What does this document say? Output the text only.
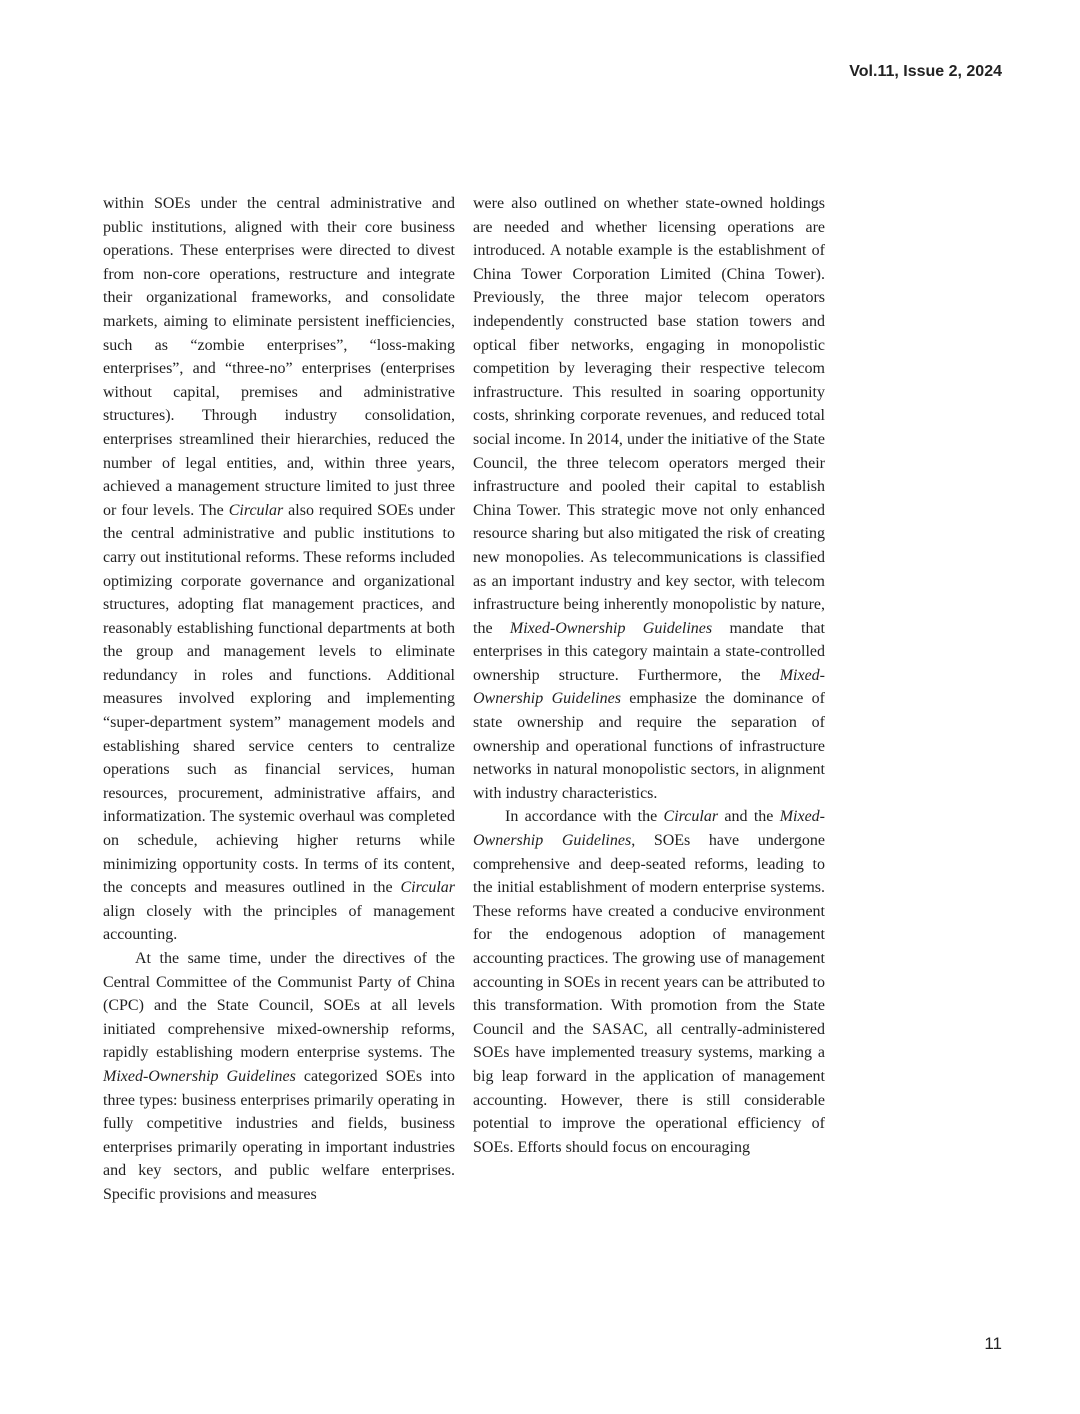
Vol.11, Issue 2, 2024

within SOEs under the central administrative and public institutions, aligned with their core business operations. These enterprises were directed to divest from non-core operations, restructure and integrate their organizational frameworks, and consolidate markets, aiming to eliminate persistent inefficiencies, such as “zombie enterprises”, “loss-making enterprises”, and “three-no” enterprises (enterprises without capital, premises and administrative structures). Through industry consolidation, enterprises streamlined their hierarchies, reduced the number of legal entities, and, within three years, achieved a management structure limited to just three or four levels. The Circular also required SOEs under the central administrative and public institutions to carry out institutional reforms. These reforms included optimizing corporate governance and organizational structures, adopting flat management practices, and reasonably establishing functional departments at both the group and management levels to eliminate redundancy in roles and functions. Additional measures involved exploring and implementing “super-department system” management models and establishing shared service centers to centralize operations such as financial services, human resources, procurement, administrative affairs, and informatization. The systemic overhaul was completed on schedule, achieving higher returns while minimizing opportunity costs. In terms of its content, the concepts and measures outlined in the Circular align closely with the principles of management accounting.

At the same time, under the directives of the Central Committee of the Communist Party of China (CPC) and the State Council, SOEs at all levels initiated comprehensive mixed-ownership reforms, rapidly establishing modern enterprise systems. The Mixed-Ownership Guidelines categorized SOEs into three types: business enterprises primarily operating in fully competitive industries and fields, business enterprises primarily operating in important industries and key sectors, and public welfare enterprises. Specific provisions and measures

were also outlined on whether state-owned holdings are needed and whether licensing operations are introduced. A notable example is the establishment of China Tower Corporation Limited (China Tower). Previously, the three major telecom operators independently constructed base station towers and optical fiber networks, engaging in monopolistic competition by leveraging their respective telecom infrastructure. This resulted in soaring opportunity costs, shrinking corporate revenues, and reduced total social income. In 2014, under the initiative of the State Council, the three telecom operators merged their infrastructure and pooled their capital to establish China Tower. This strategic move not only enhanced resource sharing but also mitigated the risk of creating new monopolies. As telecommunications is classified as an important industry and key sector, with telecom infrastructure being inherently monopolistic by nature, the Mixed-Ownership Guidelines mandate that enterprises in this category maintain a state-controlled ownership structure. Furthermore, the Mixed-Ownership Guidelines emphasize the dominance of state ownership and require the separation of ownership and operational functions of infrastructure networks in natural monopolistic sectors, in alignment with industry characteristics.

In accordance with the Circular and the Mixed-Ownership Guidelines, SOEs have undergone comprehensive and deep-seated reforms, leading to the initial establishment of modern enterprise systems. These reforms have created a conducive environment for the endogenous adoption of management accounting practices. The growing use of management accounting in SOEs in recent years can be attributed to this transformation. With promotion from the State Council and the SASAC, all centrally-administered SOEs have implemented treasury systems, marking a big leap forward in the application of management accounting. However, there is still considerable potential to improve the operational efficiency of SOEs. Efforts should focus on encouraging

11
